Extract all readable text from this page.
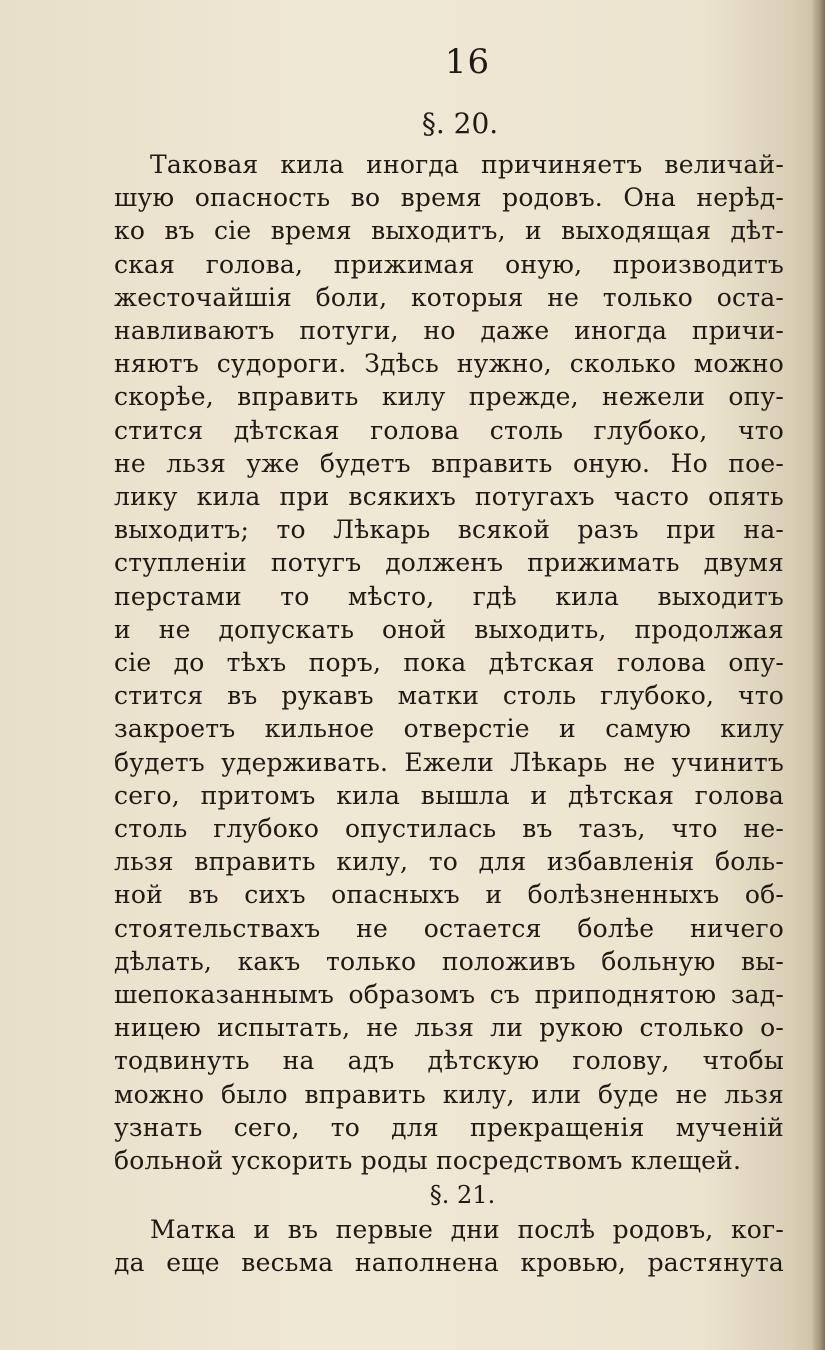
16
§. 20.
Таковая кила иногда причиняетъ величай-
шую опасность во время родовъ. Она нерѣд-
ко въ сіе время выходитъ, и выходящая дѣт-
ская голова, прижимая оную, производитъ
жесточайшія боли, которыя не только оста-
навливаютъ потуги, но даже иногда причи-
няютъ судороги. Здѣсь нужно, сколько можно
скорѣе, вправить килу прежде, нежели опу-
стится дѣтская голова столь глубоко, что
не льзя уже будетъ вправить оную. Но пое-
лику кила при всякихъ потугахъ часто опять
выходитъ; то Лѣкарь всякой разъ при на-
ступленіи потугъ долженъ прижимать двумя
перстами то мѣсто, гдѣ кила выходитъ
и не допускать оной выходить, продолжая
сіе до тѣхъ поръ, пока дѣтская голова опу-
стится въ рукавъ матки столь глубоко, что
закроетъ кильное отверстіе и самую килу
будетъ удерживать. Ежели Лѣкарь не учинитъ
сего, притомъ кила вышла и дѣтская голова
столь глубоко опустилась въ тазъ, что не-
льзя вправить килу, то для избавленія боль-
ной въ сихъ опасныхъ и болѣзненныхъ об-
стоятельствахъ не остается болѣе ничего
дѣлать, какъ только положивъ больную вы-
шепоказаннымъ образомъ съ приподнятою зад-
ницею испытать, не льзя ли рукою столько о-
тодвинуть на адъ дѣтскую голову, чтобы
можно было вправить килу, или буде не льзя
узнать сего, то для прекращенія мученій
больной ускорить роды посредствомъ клещей.
§. 21.
Матка и въ первые дни послѣ родовъ, ког-
да еще весьма наполнена кровью, растянута
